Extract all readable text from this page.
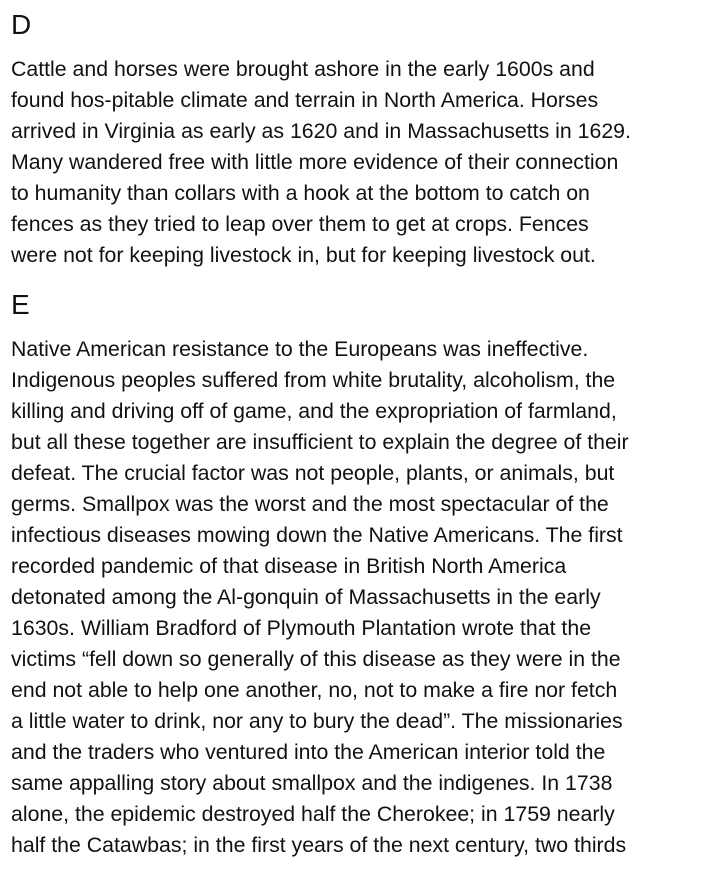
D

Cattle and horses were brought ashore in the early 1600s and
found hos-pitable climate and terrain in North America. Horses
arrived in Virginia as early as 1620 and in Massachusetts in 1629.
Many wandered free with little more evidence of their connection
to humanity than collars with a hook at the bottom to catch on
fences as they tried to leap over them to get at crops. Fences
were not for keeping livestock in, but for keeping livestock out.

E

Native American resistance to the Europeans was ineffective.
Indigenous peoples suffered from white brutality, alcoholism, the
killing and driving off of game, and the expropriation of farmland,
but all these together are insufficient to explain the degree of their
defeat. The crucial factor was not people, plants, or animals, but
germs. Smallpox was the worst and the most spectacular of the
infectious diseases mowing down the Native Americans. The first
recorded pandemic of that disease in British North America
detonated among the Al-gonquin of Massachusetts in the early
1630s. William Bradford of Plymouth Plantation wrote that the
victims “fell down so generally of this disease as they were in the
end not able to help one another, no, not to make a fire nor fetch
a little water to drink, nor any to bury the dead”. The missionaries
and the traders who ventured into the American interior told the
same appalling story about smallpox and the indigenes. In 1738
alone, the epidemic destroyed half the Cherokee; in 1759 nearly
half the Catawbas; in the first years of the next century, two thirds
